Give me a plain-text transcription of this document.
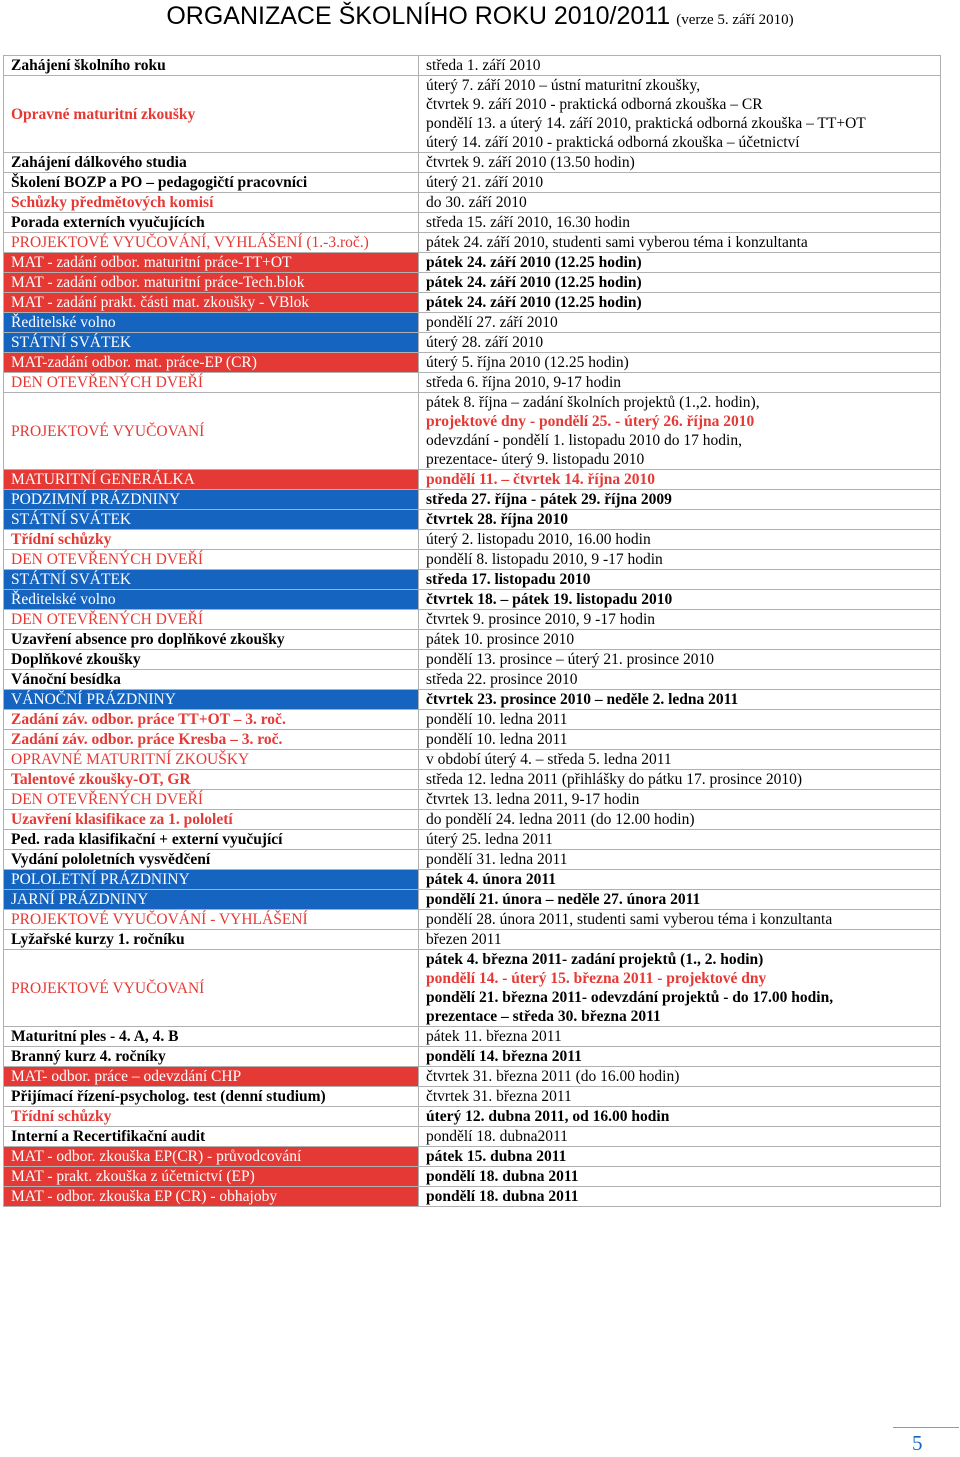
ORGANIZACE ŠKOLNÍHO ROKU 2010/2011 (verze 5. září 2010)
Zahájení školního roku	středa 1. září 2010

Opravné maturitní zkoušky	úterý 7. září 2010 – ústní maturitní zkoušky,
čtvrtek 9. září 2010 - praktická odborná zkouška – CR
pondělí 13. a úterý 14. září 2010, praktická odborná zkouška – TT+OT
úterý 14. září 2010 - praktická odborná zkouška – účetnictví

Zahájení dálkového studia	čtvrtek 9. září 2010 (13.50 hodin)

Školení BOZP a PO – pedagogičtí pracovníci	úterý 21. září 2010

Schůzky předmětových komisí	do 30. září 2010

Porada externích vyučujících	středa 15. září 2010, 16.30 hodin

PROJEKTOVÉ VYUČOVÁNÍ, VYHLÁŠENÍ (1.-3.roč.)	pátek 24. září 2010, studenti sami vyberou téma i konzultanta

MAT - zadání odbor. maturitní práce-TT+OT	pátek 24. září 2010 (12.25 hodin)

MAT - zadání odbor. maturitní práce-Tech.blok	pátek 24. září 2010 (12.25 hodin)

MAT - zadání prakt. části mat. zkoušky - VBlok	pátek 24. září 2010 (12.25 hodin)

Ředitelské volno	pondělí 27. září 2010

STÁTNÍ SVÁTEK	úterý 28. září 2010

MAT-zadání odbor. mat. práce-EP (CR)	úterý 5. října 2010 (12.25 hodin)

DEN OTEVŘENÝCH DVEŘÍ	středa 6. října 2010, 9-17 hodin

PROJEKTOVÉ VYUČOVANÍ	pátek 8. října – zadání školních projektů (1.,2. hodin),
projektové dny - pondělí 25. - úterý 26. října 2010
odevzdání - pondělí 1. listopadu 2010 do 17 hodin,
prezentace- úterý 9. listopadu 2010

MATURITNÍ GENERÁLKA	pondělí 11. – čtvrtek 14. října 2010

PODZIMNÍ PRÁZDNINY	středa 27. října - pátek 29. října 2009

STÁTNÍ SVÁTEK	čtvrtek 28. října 2010

Třídní schůzky	úterý 2. listopadu 2010, 16.00 hodin

DEN OTEVŘENÝCH DVEŘÍ	pondělí 8. listopadu 2010, 9 -17 hodin

STÁTNÍ SVÁTEK	středa 17. listopadu 2010

Ředitelské volno	čtvrtek 18. – pátek 19. listopadu 2010

DEN OTEVŘENÝCH DVEŘÍ	čtvrtek 9. prosince 2010, 9 -17 hodin

Uzavření absence pro doplňkové zkoušky	pátek 10. prosince 2010

Doplňkové zkoušky	pondělí 13. prosince – úterý 21. prosince 2010

Vánoční besídka	středa 22. prosince 2010

VÁNOČNÍ PRÁZDNINY	čtvrtek 23. prosince 2010 – neděle 2. ledna 2011

Zadání záv. odbor. práce TT+OT – 3. roč.	pondělí 10. ledna 2011

Zadání záv. odbor. práce Kresba – 3. roč.	pondělí 10. ledna 2011

OPRAVNÉ MATURITNÍ ZKOUŠKY	v období úterý 4. – středa 5. ledna 2011

Talentové zkoušky-OT, GR	středa 12. ledna 2011 (přihlášky do pátku 17. prosince 2010)

DEN OTEVŘENÝCH DVEŘÍ	čtvrtek 13. ledna 2011, 9-17 hodin

Uzavření klasifikace za 1. pololetí	do pondělí 24. ledna 2011 (do 12.00 hodin)

Ped. rada klasifikační + externí vyučující	úterý 25. ledna 2011

Vydání pololetních vysvědčení	pondělí 31. ledna 2011

POLOLETNÍ PRÁZDNINY	pátek 4. února 2011

JARNÍ PRÁZDNINY	pondělí 21. února – neděle 27. února 2011

PROJEKTOVÉ VYUČOVÁNÍ - VYHLÁŠENÍ	pondělí 28. února 2011, studenti sami vyberou téma i konzultanta

Lyžařské kurzy 1. ročníku	březen 2011

PROJEKTOVÉ VYUČOVANÍ	pátek 4. března 2011- zadání projektů (1., 2. hodin)
pondělí 14. - úterý 15. března 2011 - projektové dny
pondělí 21. března 2011- odevzdání projektů - do 17.00 hodin,
prezentace – středa 30. března 2011

Maturitní ples - 4. A, 4. B	pátek 11. března 2011

Branný kurz 4. ročníky	pondělí 14. března 2011

MAT- odbor. práce – odevzdání CHP	čtvrtek 31. března 2011 (do 16.00 hodin)

Přijímací řízení-psycholog. test (denní studium)	čtvrtek 31. března 2011

Třídní schůzky	úterý 12. dubna 2011, od 16.00 hodin

Interní a Recertifikační audit	pondělí 18. dubna2011

MAT - odbor. zkouška EP(CR) - průvodcování	pátek 15. dubna 2011

MAT - prakt. zkouška z účetnictví (EP)	pondělí 18. dubna 2011

MAT - odbor. zkouška EP (CR) - obhajoby	pondělí 18. dubna 2011
5
